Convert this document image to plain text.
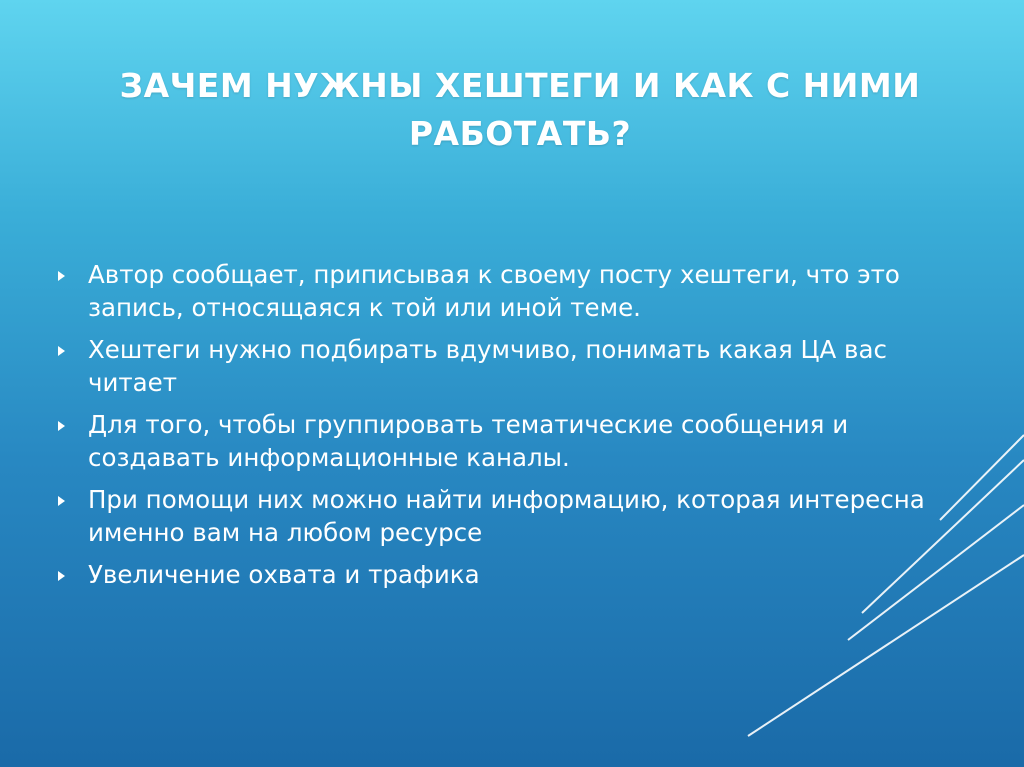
ЗАЧЕМ НУЖНЫ ХЕШТЕГИ И КАК С НИМИ
РАБОТАТЬ?
Автор сообщает, приписывая к своему посту хештеги, что это запись, относящаяся к той или иной теме.
Хештеги нужно подбирать вдумчиво, понимать какая ЦА вас читает
Для того, чтобы группировать тематические сообщения и создавать информационные каналы.
При помощи них можно найти информацию, которая интересна именно вам на любом ресурсе
Увеличение охвата и трафика
